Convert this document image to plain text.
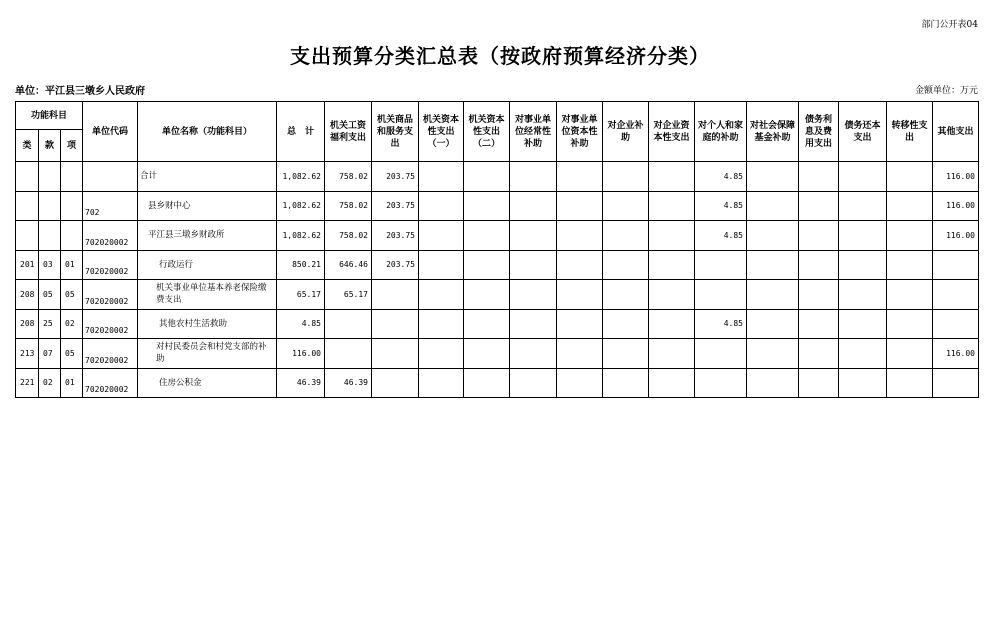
部门公开表04
支出预算分类汇总表（按政府预算经济分类）
单位：平江县三墩乡人民政府	金额单位：万元
功能科目			单位代码	单位名称（功能科目）	总　计	机关工资福利支出	机关商品和服务支出	机关资本性支出（一）	机关资本性支出（二）	对事业单位经常性补助	对事业单位资本性补助	对企业补助	对企业资本性支出	对个人和家庭的补助	对社会保障基金补助	债务利息及费用支出	债务还本支出	转移性支出	其他支出
类	款	项																	
				合计	1,082.62	758.02	203.75							4.85					116.00
			702	县乡财中心	1,082.62	758.02	203.75							4.85					116.00
			702020002	平江县三墩乡财政所	1,082.62	758.02	203.75							4.85					116.00
201	03	01	702020002	行政运行	850.21	646.46	203.75												
208	05	05	702020002	机关事业单位基本养老保险缴费支出	65.17	65.17													
208	25	02	702020002	其他农村生活救助	4.85									4.85					
213	07	05	702020002	对村民委员会和村党支部的补助	116.00														116.00
221	02	01	702020002	住房公积金	46.39	46.39													
